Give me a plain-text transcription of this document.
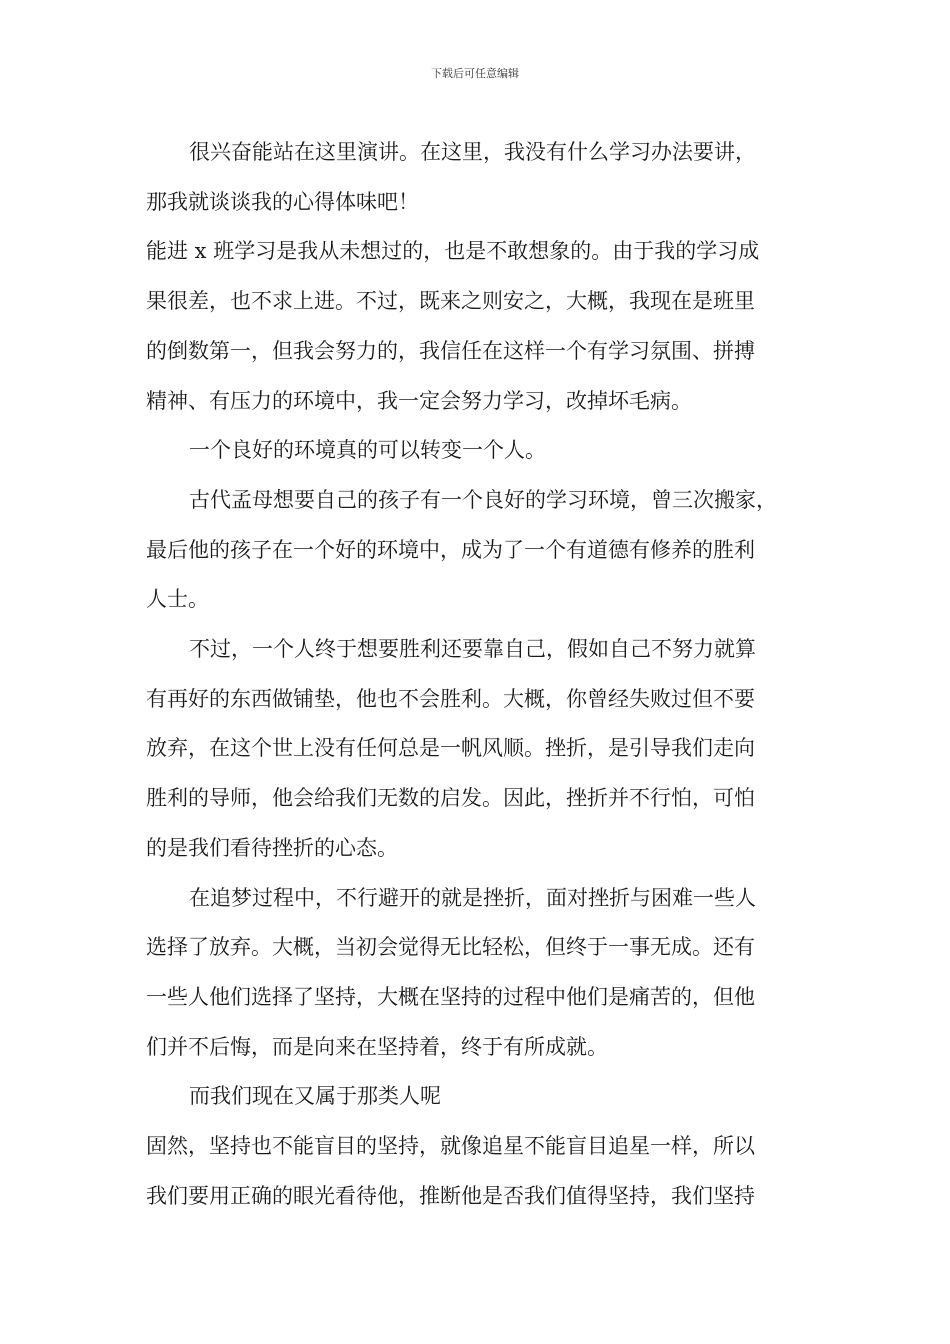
下载后可任意编辑

很兴奋能站在这里演讲。在这里，我没有什么学习办法要讲，

那我就谈谈我的心得体味吧！

能进 x 班学习是我从未想过的，也是不敢想象的。由于我的学习成

果很差，也不求上进。不过，既来之则安之，大概，我现在是班里

的倒数第一，但我会努力的，我信任在这样一个有学习氛围、拼搏

精神、有压力的环境中，我一定会努力学习，改掉坏毛病。

一个良好的环境真的可以转变一个人。

古代孟母想要自己的孩子有一个良好的学习环境，曾三次搬家，

最后他的孩子在一个好的环境中，成为了一个有道德有修养的胜利

人士。

不过，一个人终于想要胜利还要靠自己，假如自己不努力就算

有再好的东西做铺垫，他也不会胜利。大概，你曾经失败过但不要

放弃，在这个世上没有任何总是一帆风顺。挫折，是引导我们走向

胜利的导师，他会给我们无数的启发。因此，挫折并不行怕，可怕

的是我们看待挫折的心态。

在追梦过程中，不行避开的就是挫折，面对挫折与困难一些人

选择了放弃。大概，当初会觉得无比轻松，但终于一事无成。还有

一些人他们选择了坚持，大概在坚持的过程中他们是痛苦的，但他

们并不后悔，而是向来在坚持着，终于有所成就。

而我们现在又属于那类人呢

固然，坚持也不能盲目的坚持，就像追星不能盲目追星一样，所以

我们要用正确的眼光看待他，推断他是否我们值得坚持，我们坚持
